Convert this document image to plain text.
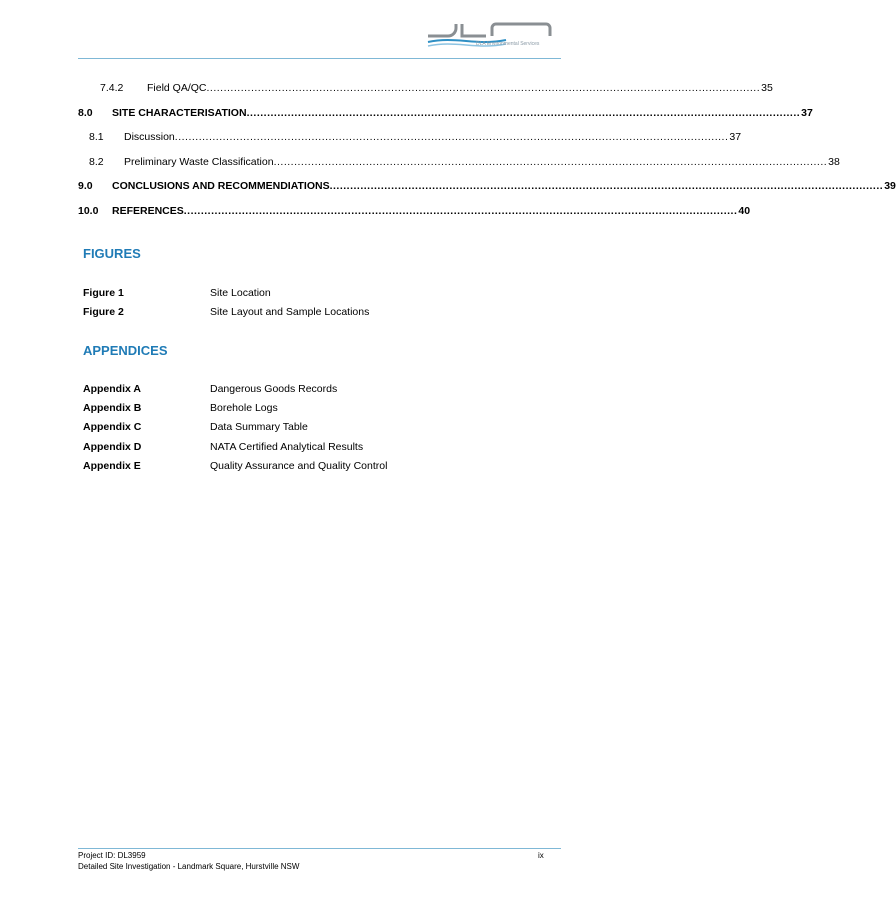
DLA Environmental Services
7.4.2	Field QA/QC .................................................................................................................................................................. 35
8.0	SITE CHARACTERISATION .................................................................................................................................................................. 37
8.1	Discussion .................................................................................................................................................................. 37
8.2	Preliminary Waste Classification .................................................................................................................................................................. 38
9.0	CONCLUSIONS AND RECOMMENDIATIONS .................................................................................................................................................................. 39
10.0	REFERENCES .................................................................................................................................................................. 40
FIGURES
Figure 1	Site Location
Figure 2	Site Layout and Sample Locations
APPENDICES
Appendix A	Dangerous Goods Records
Appendix B	Borehole Logs
Appendix C	Data Summary Table
Appendix D	NATA Certified Analytical Results
Appendix E	Quality Assurance and Quality Control
Project ID: DL3959
Detailed Site Investigation - Landmark Square, Hurstville NSW
ix
